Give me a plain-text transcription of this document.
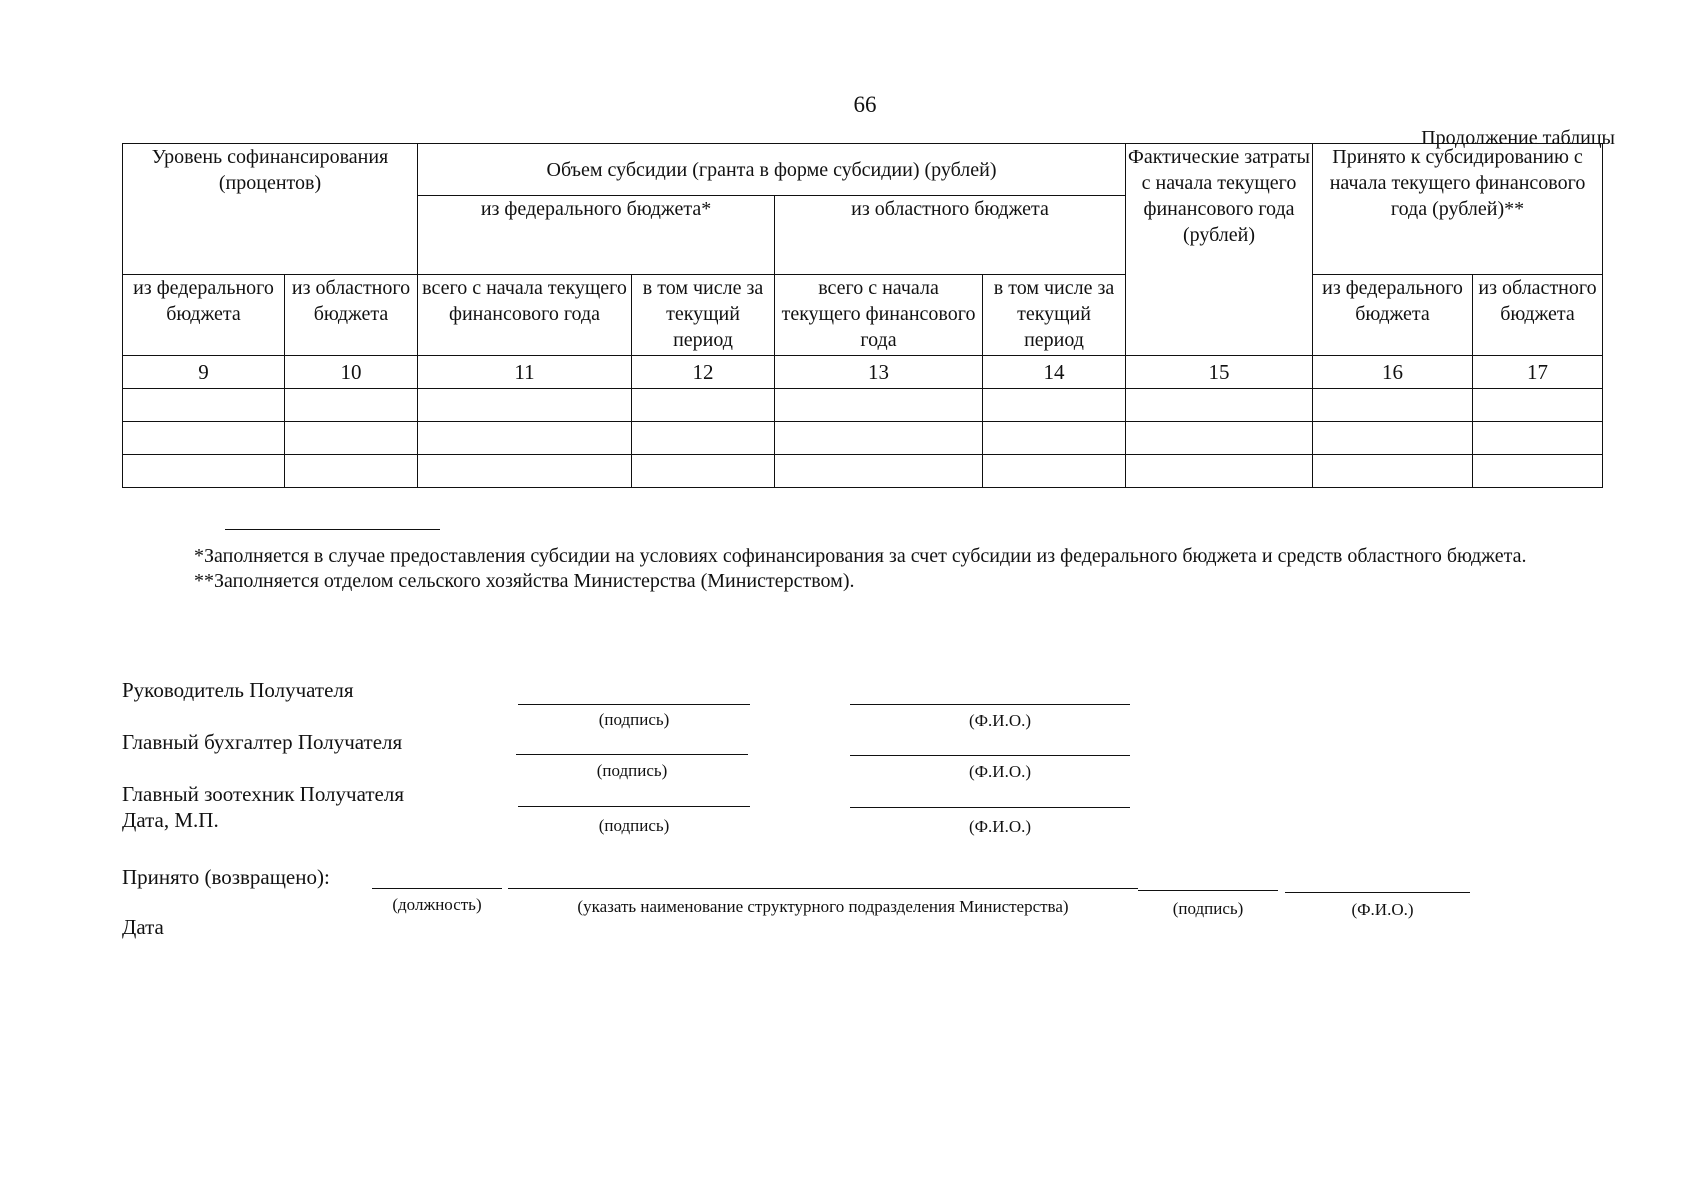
66
Продолжение таблицы
Уровень софинансирования (процентов)		Объем субсидии (гранта в форме субсидии) (рублей)				Фактические затраты с начала текущего финансового года (рублей)	Принято к субсидированию с начала текущего финансового года (рублей)**	
		из федерального бюджета*		из областного бюджета				
из федерального бюджета	из областного бюджета	всего с начала текущего финансового года	в том числе за текущий период	всего с начала текущего финансового года	в том числе за текущий период		из федерального бюджета	из областного бюджета
9	10	11	12	13	14	15	16	17

*Заполняется в случае предоставления субсидии на условиях софинансирования за счет субсидии из федерального бюджета и средств областного бюджета.

**Заполняется отделом сельского хозяйства Министерства (Министерством).

Руководитель Получателя
(подпись)	(Ф.И.О.)
Главный бухгалтер Получателя
(подпись)	(Ф.И.О.)
Главный зоотехник Получателя
Дата, М.П.	(подпись)	(Ф.И.О.)
Принято (возвращено):
(должность)	(указать наименование структурного подразделения Министерства)	(подпись)	(Ф.И.О.)
Дата
